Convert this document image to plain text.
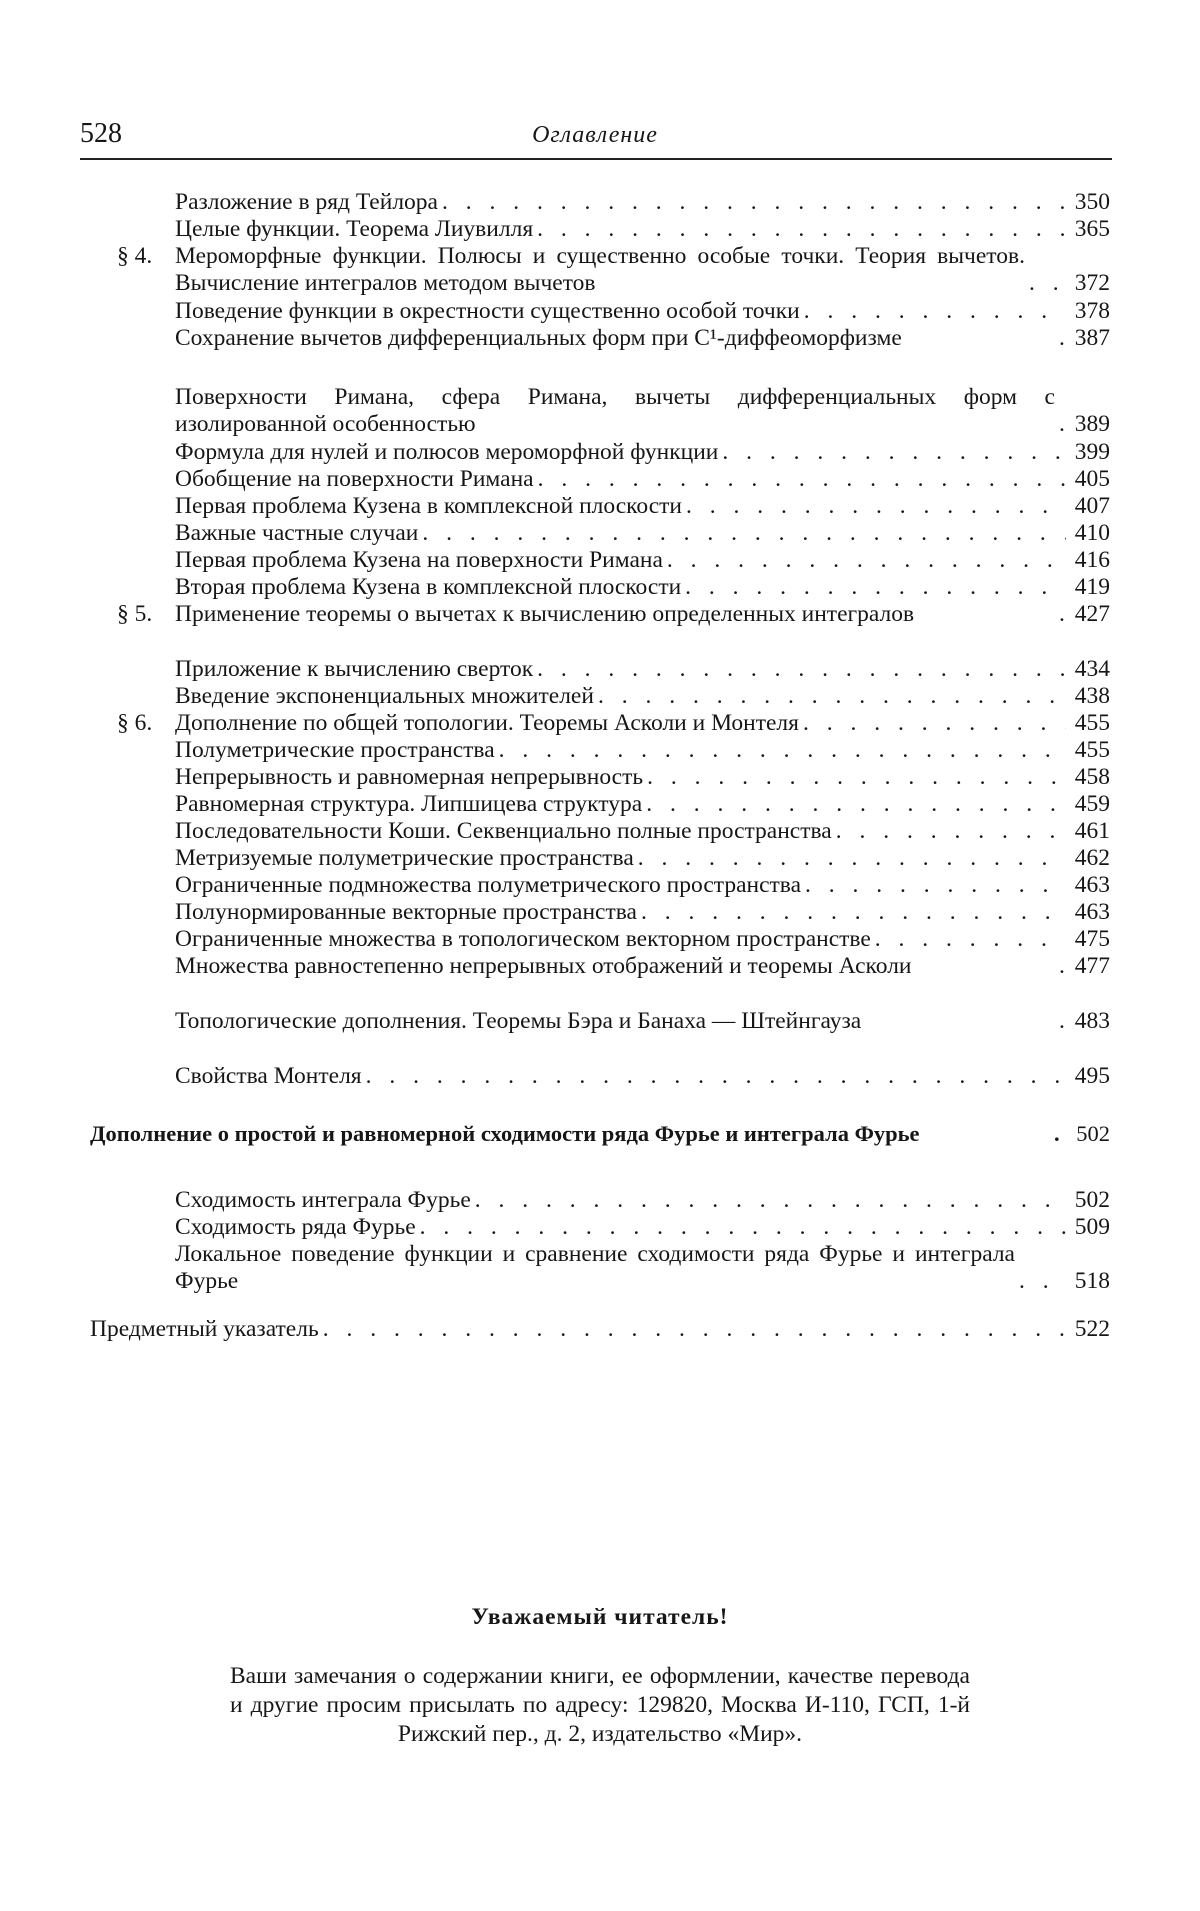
528	Оглавление
Разложение в ряд Тейлора . . .	350
Целые функции. Теорема Лиувилля . . .	365
§ 4. Мероморфные функции. Полюсы и существенно особые точки. Теория вычетов. Вычисление интегралов методом вычетов . . .	372
Поведение функции в окрестности существенно особой точки . . .	378
Сохранение вычетов дифференциальных форм при C¹-диффеоморфизме . . .	387
Поверхности Римана, сфера Римана, вычеты дифференциальных форм с изолированной особенностью . . .	389
Формула для нулей и полюсов мероморфной функции . . .	399
Обобщение на поверхности Римана . . .	405
Первая проблема Кузена в комплексной плоскости . . .	407
Важные частные случаи . . .	410
Первая проблема Кузена на поверхности Римана . . .	416
Вторая проблема Кузена в комплексной плоскости . . .	419
§ 5. Применение теоремы о вычетах к вычислению определенных интегралов . . .	427
Приложение к вычислению сверток . . .	434
Введение экспоненциальных множителей . . .	438
§ 6. Дополнение по общей топологии. Теоремы Асколи и Монтеля . . .	455
Полуметрические пространства . . .	455
Непрерывность и равномерная непрерывность . . .	458
Равномерная структура. Липшицева структура . . .	459
Последовательности Коши. Секвенциально полные пространства . . .	461
Метризуемые полуметрические пространства . . .	462
Ограниченные подмножества полуметрического пространства . . .	463
Полунормированные векторные пространства . . .	463
Ограниченные множества в топологическом векторном пространстве . . .	475
Множества равностепенно непрерывных отображений и теоремы Асколи . . .	477
Топологические дополнения. Теоремы Бэра и Банаха — Штейнгауза . . .	483
Свойства Монтеля . . .	495
Дополнение о простой и равномерной сходимости ряда Фурье и интеграла Фурье . . .	502
Сходимость интеграла Фурье . . .	502
Сходимость ряда Фурье . . .	509
Локальное поведение функции и сравнение сходимости ряда Фурье и интеграла Фурье . . .	518
Предметный указатель . . .	522
Уважаемый читатель!
Ваши замечания о содержании книги, ее оформлении, качестве перевода и другие просим присылать по адресу: 129820, Москва И-110, ГСП, 1-й Рижский пер., д. 2, издательство «Мир».
